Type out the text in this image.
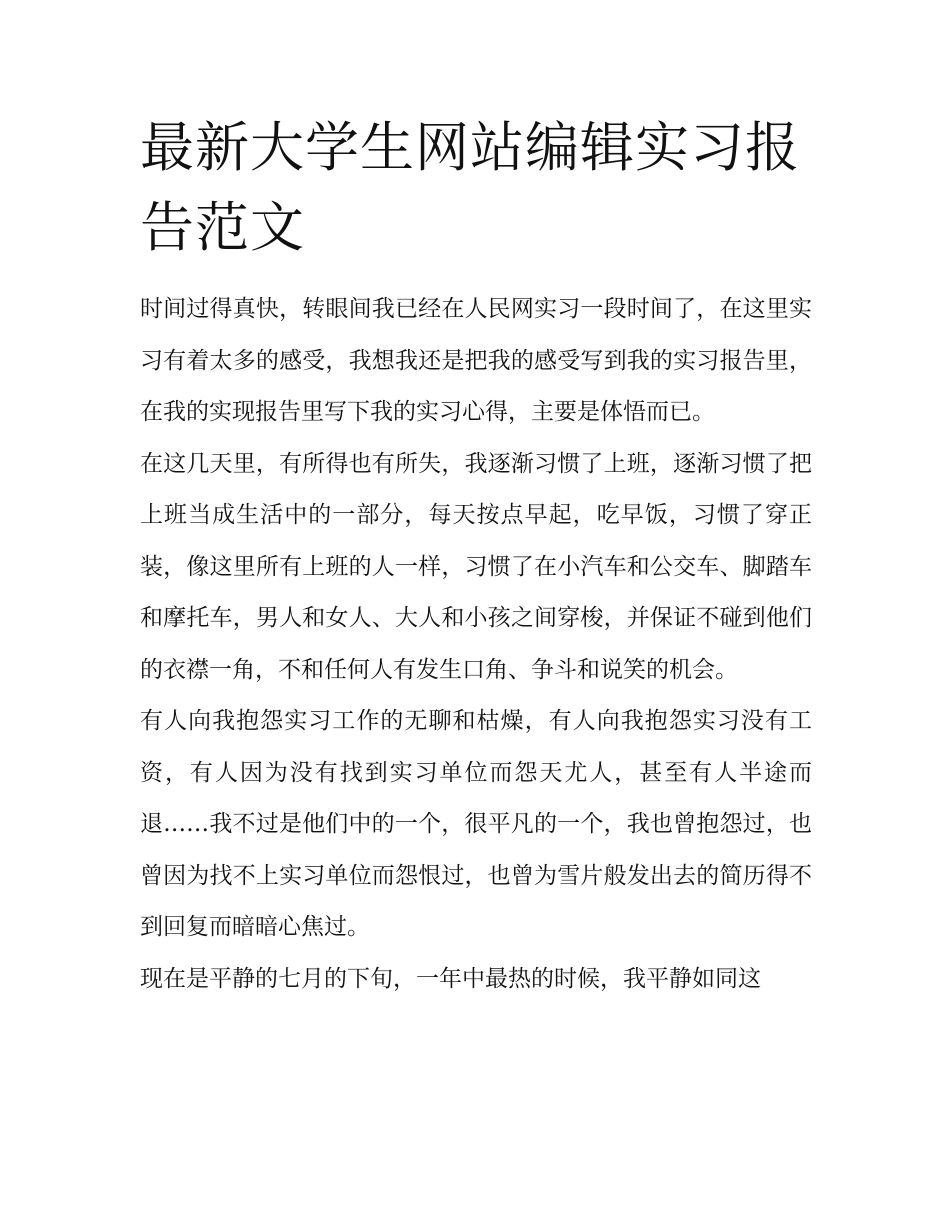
最新大学生网站编辑实习报告范文

时间过得真快，转眼间我已经在人民网实习一段时间了，在这里实习有着太多的感受，我想我还是把我的感受写到我的实习报告里，在我的实现报告里写下我的实习心得，主要是体悟而已。

在这几天里，有所得也有所失，我逐渐习惯了上班，逐渐习惯了把上班当成生活中的一部分，每天按点早起，吃早饭，习惯了穿正装，像这里所有上班的人一样，习惯了在小汽车和公交车、脚踏车和摩托车，男人和女人、大人和小孩之间穿梭，并保证不碰到他们的衣襟一角，不和任何人有发生口角、争斗和说笑的机会。

有人向我抱怨实习工作的无聊和枯燥，有人向我抱怨实习没有工资，有人因为没有找到实习单位而怨天尤人，甚至有人半途而退……我不过是他们中的一个，很平凡的一个，我也曾抱怨过，也曾因为找不上实习单位而怨恨过，也曾为雪片般发出去的简历得不到回复而暗暗心焦过。

现在是平静的七月的下旬，一年中最热的时候，我平静如同这
